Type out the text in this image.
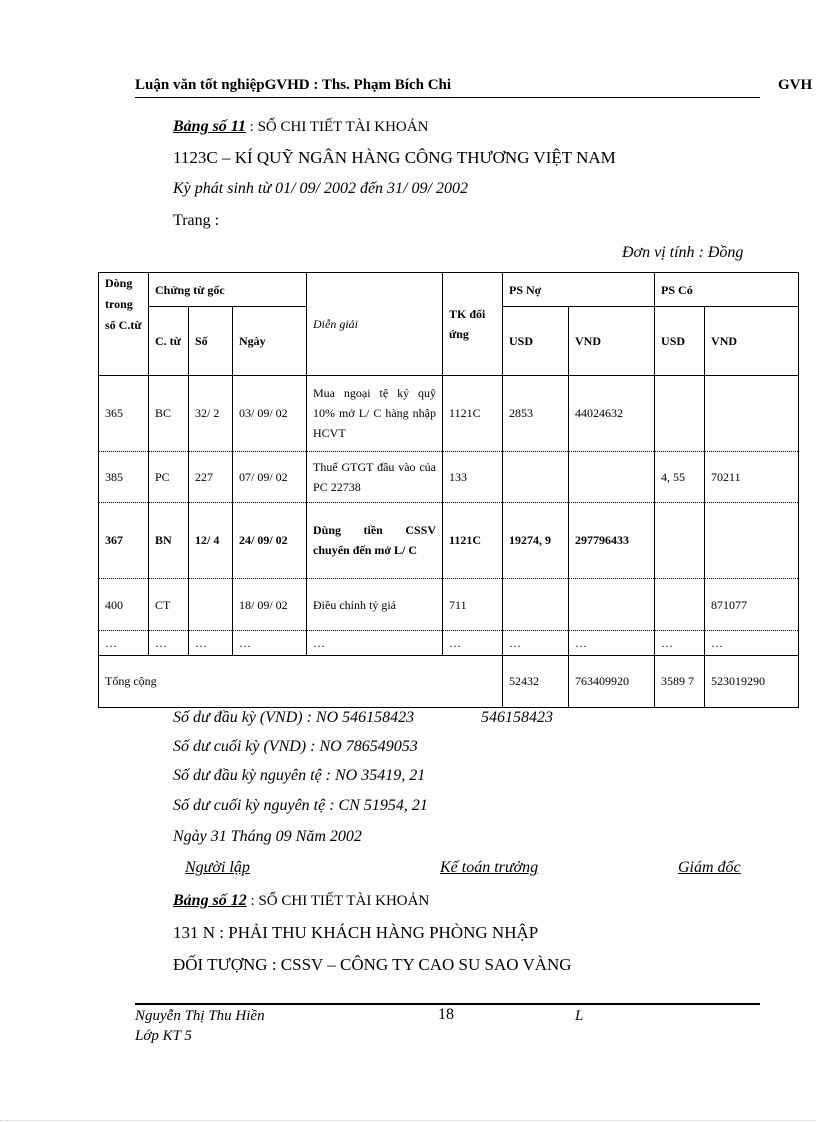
Luận văn tốt nghiệpGVHD : Ths. Phạm Bích Chi	GVH
Bảng số 11 : SỔ CHI TIẾT TÀI KHOẢN
1123C – KÍ QUỸ NGÂN HÀNG CÔNG THƯƠNG VIỆT NAM
Kỳ phát sinh từ 01/ 09/ 2002 đến 31/ 09/ 2002
Trang :
Đơn vị tính : Đồng
Dòng trong sổ C.từ	Chứng từ gốc			Diễn giải	TK đối ứng	PS Nợ		PS Có	
	C. từ	Số	Ngày			USD	VND	USD	VND
365	BC	32/ 2	03/ 09/ 02	Mua ngoại tệ ký quỹ 10% mở L/ C hàng nhập HCVT	1121C	2853	44024632		
385	PC	227	07/ 09/ 02	Thuế GTGT đầu vào của PC 22738	133			4, 55	70211
367	BN	12/ 4	24/ 09/ 02	Dùng tiền CSSV chuyển đến mở L/ C	1121C	19274, 9	297796433		
400	CT		18/ 09/ 02	Điều chỉnh tỷ giá	711				871077
…	…	…	…	…	…	…	…	…	…
Tổng cộng						52432	763409920	3589 7	523019290
Số dư đầu kỳ (VND) : NO 546158423	546158423
Số dư cuối kỳ (VND) : NO 786549053
Số dư đầu kỳ nguyên tệ : NO 35419, 21
Số dư cuối kỳ nguyên tệ : CN 51954, 21
Ngày 31 Tháng 09 Năm 2002
Người lập	Kế toán trưởng	Giám đốc
Bảng số 12 : SỔ CHI TIẾT TÀI KHOẢN
131 N : PHẢI THU KHÁCH HÀNG PHÒNG NHẬP
ĐỐI TƯỢNG : CSSV – CÔNG TY CAO SU SAO VÀNG
Nguyễn Thị Thu Hiền	18	L
Lớp KT 5
